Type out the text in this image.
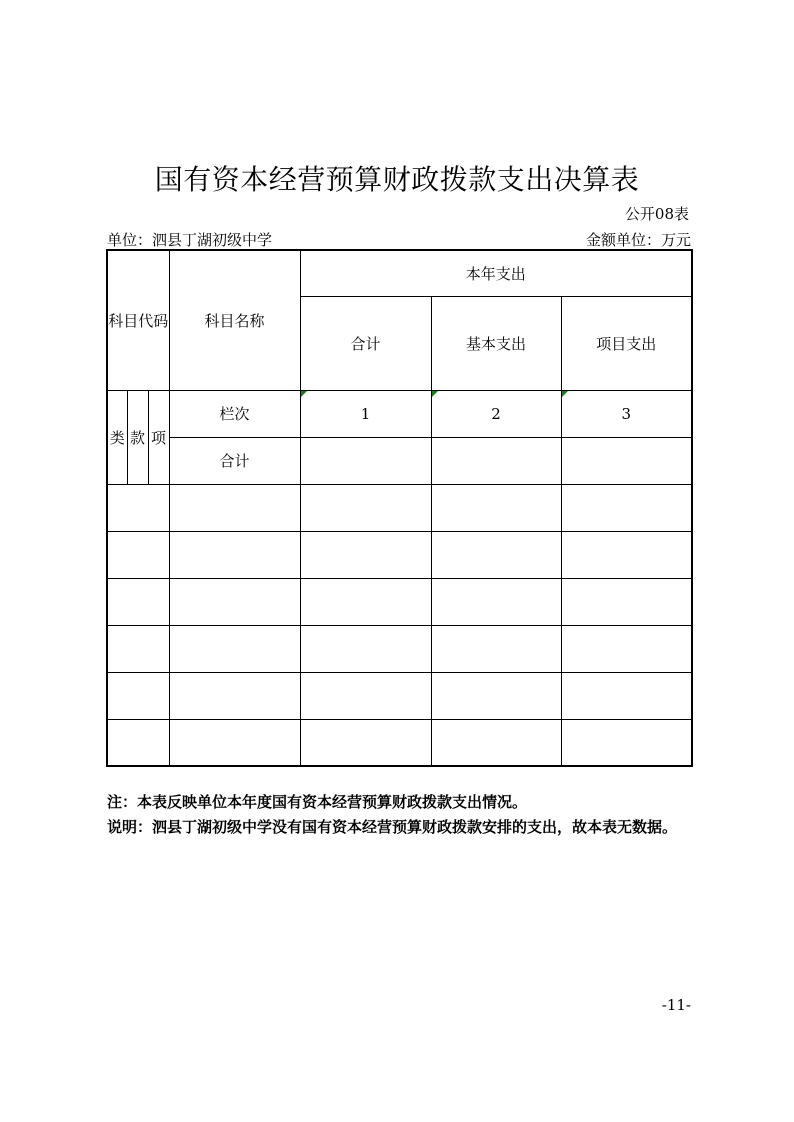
国有资本经营预算财政拨款支出决算表
公开08表
单位：泗县丁湖初级中学	金额单位：万元
科目代码			科目名称	本年支出		
				合计	基本支出	项目支出
类	款	项	栏次	1	2	3
			合计			

注：本表反映单位本年度国有资本经营预算财政拨款支出情况。
说明：泗县丁湖初级中学没有国有资本经营预算财政拨款安排的支出，故本表无数据。
-11-
